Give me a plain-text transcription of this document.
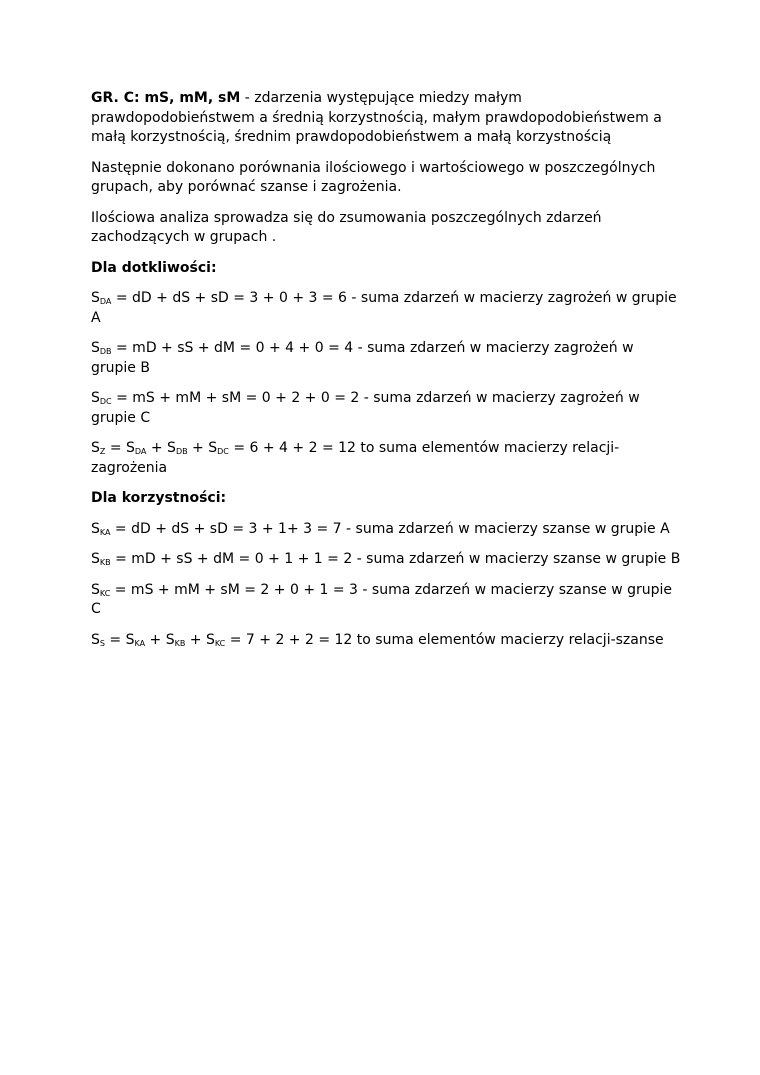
GR. C: mS, mM, sM - zdarzenia występujące miedzy małym prawdopodobieństwem a średnią korzystnością, małym prawdopodobieństwem a małą korzystnością, średnim prawdopodobieństwem a małą korzystnością

Następnie dokonano porównania ilościowego i wartościowego w poszczególnych grupach, aby porównać szanse i zagrożenia.

Ilościowa analiza sprowadza się do zsumowania poszczególnych zdarzeń zachodzących w grupach .

Dla dotkliwości:

$S_{DA}$ = dD + dS + sD = 3 + 0 + 3 = 6 - suma zdarzeń w macierzy zagrożeń w grupie A

$S_{DB}$ = mD + sS + dM = 0 + 4 + 0 = 4 - suma zdarzeń w macierzy zagrożeń w grupie B

$S_{DC}$ = mS + mM + sM = 0 + 2 + 0 = 2 - suma zdarzeń w macierzy zagrożeń w grupie C

$S_Z = S_{DA} + S_{DB} + S_{DC} = 6 + 4 + 2 = 12$ to suma elementów macierzy relacji-zagrożenia

Dla korzystności:

$S_{KA}$ = dD + dS + sD = 3 + 1+ 3 = 7 - suma zdarzeń w macierzy szanse w grupie A

$S_{KB}$ = mD + sS + dM = 0 + 1 + 1 = 2 - suma zdarzeń w macierzy szanse w grupie B

$S_{KC}$ = mS + mM + sM = 2 + 0 + 1 = 3 - suma zdarzeń w macierzy szanse w grupie C

$S_S = S_{KA} + S_{KB} + S_{KC} = 7 + 2 + 2 = 12$ to suma elementów macierzy relacji-szanse
